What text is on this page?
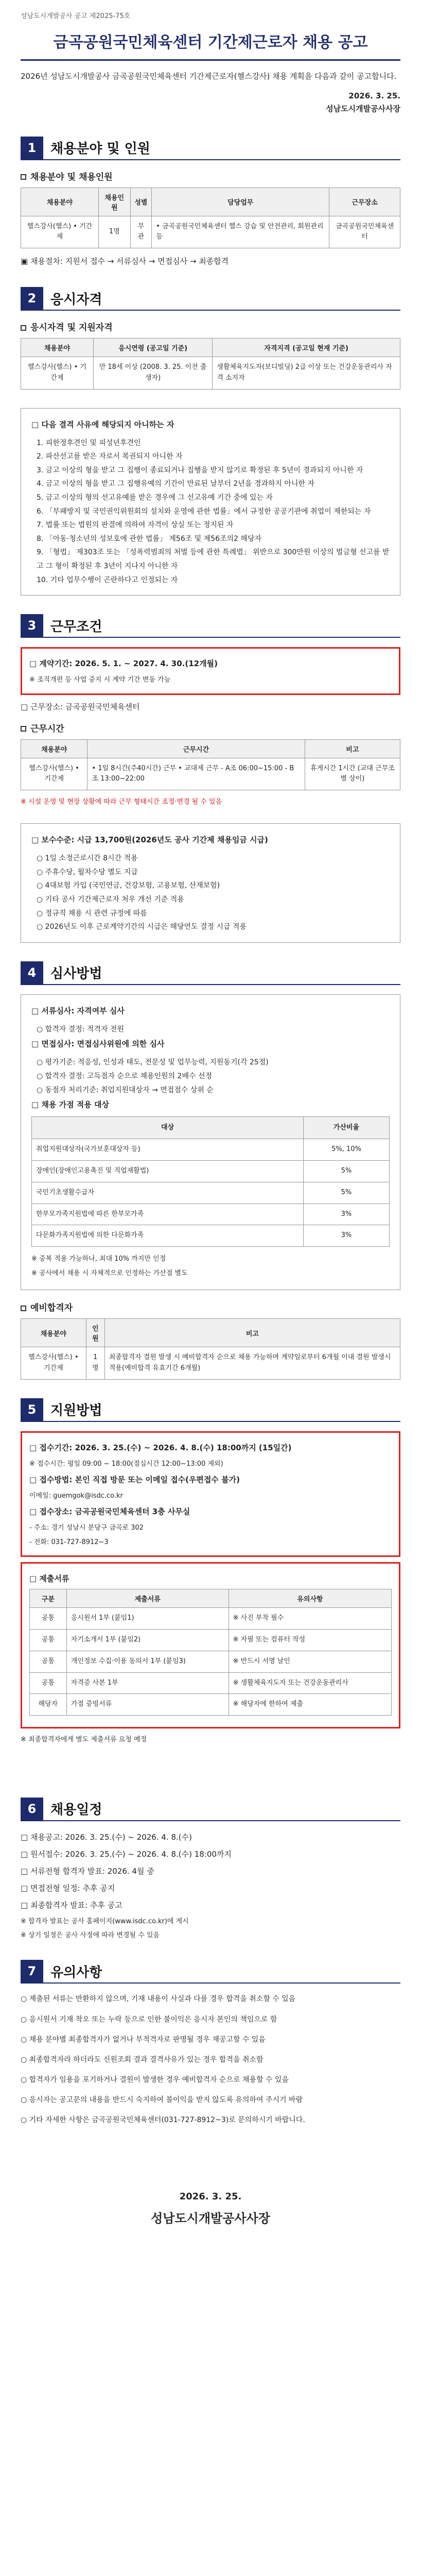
성남도시개발공사 공고 제2025-75호
금곡공원국민체육센터 기간제근로자 채용 공고
2026년 성남도시개발공사 금곡공원국민체육센터 기간제근로자(헬스강사) 채용 계획을 다음과 같이 공고합니다.
2026. 3. 25.
성남도시개발공사사장
1	채용분야 및 인원
채용분야 및 채용인원
채용분야	채용인원	성별	담당업무	근무장소
헬스강사(헬스) • 기간제	1명	무관	• 금곡공원국민체육센터 헬스 강습 및 안전관리, 회원관리 등	금곡공원국민체육센터
▣ 채용절차: 지원서 접수 → 서류심사 → 면접심사 → 최종합격
2	응시자격
응시자격 및 지원자격
채용분야	응시연령 (공고일 기준)	자격지격 (공고일 현재 기준)
헬스강사(헬스) • 기간제	만 18세 이상 (2008. 3. 25. 이전 출생자)	생활체육지도자(보디빌딩) 2급 이상 또는 건강운동관리사 자격 소지자
□ 다음 결격 사유에 해당되지 아니하는 자
1. 피한정후견인 및 피성년후견인
2. 파산선고를 받은 자로서 복권되지 아니한 자
3. 금고 이상의 형을 받고 그 집행이 종료되거나 집행을 받지 않기로 확정된 후 5년이 경과되지 아니한 자
4. 금고 이상의 형을 받고 그 집행유예의 기간이 만료된 날부터 2년을 경과하지 아니한 자
5. 금고 이상의 형의 선고유예를 받은 경우에 그 선고유예 기간 중에 있는 자
6. 「부패방지 및 국민권익위원회의 설치와 운영에 관한 법률」에서 규정한 공공기관에 취업이 제한되는 자
7. 법률 또는 법원의 판결에 의하여 자격이 상실 또는 정지된 자
8. 「아동·청소년의 성보호에 관한 법률」 제56조 및 제56조의2 해당자
9. 「형법」 제303조 또는 「성폭력범죄의 처벌 등에 관한 특례법」 위반으로 300만원 이상의 벌금형 선고를 받고 그 형이 확정된 후 3년이 지나지 아니한 자
10. 기타 업무수행이 곤란하다고 인정되는 자
3	근무조건
□ 계약기간: 2026. 5. 1. ~ 2027. 4. 30.(12개월)
※ 조직개편 등 사업 중지 시 계약 기간 변동 가능
□ 근무장소: 금곡공원국민체육센터
근무시간
채용분야	근무시간	비고
헬스강사(헬스) • 기간제	• 1일 8시간(주40시간) 근무 • 교대제 근무 - A조 06:00~15:00 - B조 13:00~22:00	휴게시간 1시간 (교대 근무조별 상이)
※ 시설 운영 및 현장 상황에 따라 근무 형태시간 조정·변경 될 수 있음
□ 보수수준: 시급 13,700원(2026년도 공사 기간제 채용임금 시급)
○ 1일 소정근로시간 8시간 적용
○ 주휴수당, 월차수당 별도 지급
○ 4대보험 가입 (국민연금, 건강보험, 고용보험, 산재보험)
○ 기타 공사 기간제근로자 처우 개선 기준 적용
○ 정규직 채용 시 관련 규정에 따름
○ 2026년도 이후 근로계약기간의 시급은 해당연도 결정 시급 적용
4	심사방법
□ 서류심사: 자격여부 심사
○ 합격자 결정: 적격자 전원
□ 면접심사: 면접심사위원에 의한 심사
○ 평가기준: 적응성, 인성과 태도, 전문성 및 업무능력, 지원동기(각 25점)
○ 합격자 결정: 고득점자 순으로 채용인원의 2배수 선정
○ 동점자 처리기준: 취업지원대상자 → 면접점수 상위 순
□ 채용 가점 적용 대상
대상	가산비율
취업지원대상자(국가보훈대상자 등)	5%, 10%
장애인(장애인고용촉진 및 직업재활법)	5%
국민기초생활수급자	5%
한부모가족지원법에 따른 한부모가족	3%
다문화가족지원법에 의한 다문화가족	3%
※ 중복 적용 가능하나, 최대 10% 까지만 인정
※ 공사에서 채용 시 자체적으로 인정하는 가산점 별도
예비합격자
채용분야	인원	비고
헬스강사(헬스) • 기간제	1명	최종합격자 결원 발생 시 예비합격자 순으로 채용 가능하며 계약일로부터 6개월 이내 결원 발생시 적용(예비합격 유효기간 6개월)
5	지원방법
□ 접수기간: 2026. 3. 25.(수) ~ 2026. 4. 8.(수) 18:00까지 (15일간)
※ 접수시간: 평일 09:00 ~ 18:00(점심시간 12:00~13:00 제외)
□ 접수방법: 본인 직접 방문 또는 이메일 접수(우편접수 불가)
이메일: guemgok@isdc.co.kr
□ 접수장소: 금곡공원국민체육센터 3층 사무실
- 주소: 경기 성남시 분당구 금곡로 302
- 전화: 031-727-8912~3
□ 제출서류
구분	제출서류	유의사항
공통	응시원서 1부 (붙임1)	※ 사진 부착 필수
공통	자기소개서 1부 (붙임2)	※ 자필 또는 컴퓨터 작성
공통	개인정보 수집·이용 동의서 1부 (붙임3)	※ 반드시 서명 날인
공통	자격증 사본 1부	※ 생활체육지도자 또는 건강운동관리사
해당자	가점 증빙서류	※ 해당자에 한하여 제출
※ 최종합격자에게 별도 제출서류 요청 예정
6	채용일정
□ 채용공고: 2026. 3. 25.(수) ~ 2026. 4. 8.(수)
□ 원서접수: 2026. 3. 25.(수) ~ 2026. 4. 8.(수) 18:00까지
□ 서류전형 합격자 발표: 2026. 4월 중
□ 면접전형 일정: 추후 공지
□ 최종합격자 발표: 추후 공고
※ 합격자 발표는 공사 홈페이지(www.isdc.co.kr)에 게시
※ 상기 일정은 공사 사정에 따라 변경될 수 있음
7	유의사항
○ 제출된 서류는 반환하지 않으며, 기재 내용이 사실과 다를 경우 합격을 취소할 수 있음
○ 응시원서 기재 착오 또는 누락 등으로 인한 불이익은 응시자 본인의 책임으로 함
○ 채용 분야별 최종합격자가 없거나 부적격자로 판명될 경우 재공고할 수 있음
○ 최종합격자라 하더라도 신원조회 결과 결격사유가 있는 경우 합격을 취소함
○ 합격자가 임용을 포기하거나 결원이 발생한 경우 예비합격자 순으로 채용할 수 있음
○ 응시자는 공고문의 내용을 반드시 숙지하여 불이익을 받지 않도록 유의하여 주시기 바람
○ 기타 자세한 사항은 금곡공원국민체육센터(031-727-8912~3)로 문의하시기 바랍니다.
2026. 3. 25.
성남도시개발공사사장
